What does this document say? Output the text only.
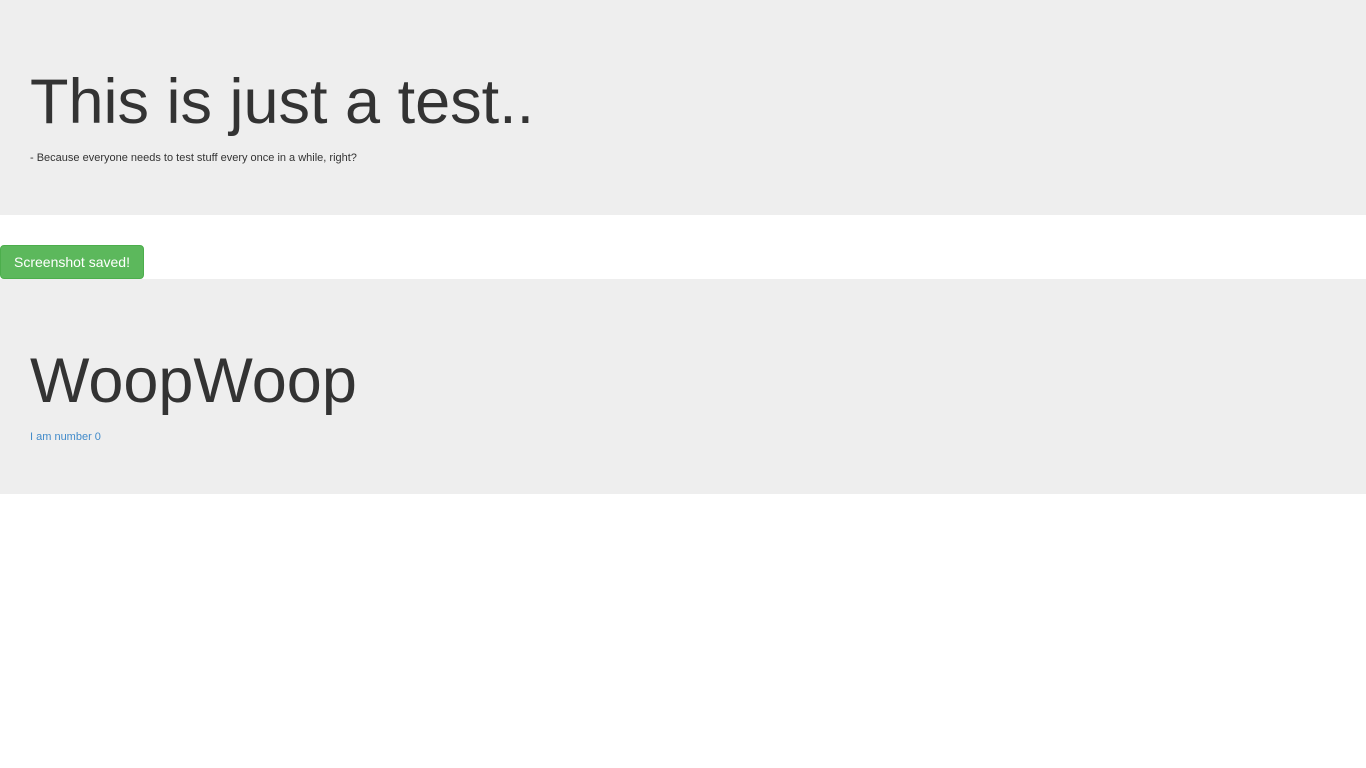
This is just a test..

- Because everyone needs to test stuff every once in a while, right?

Screenshot saved!
WoopWoop
I am number 0
